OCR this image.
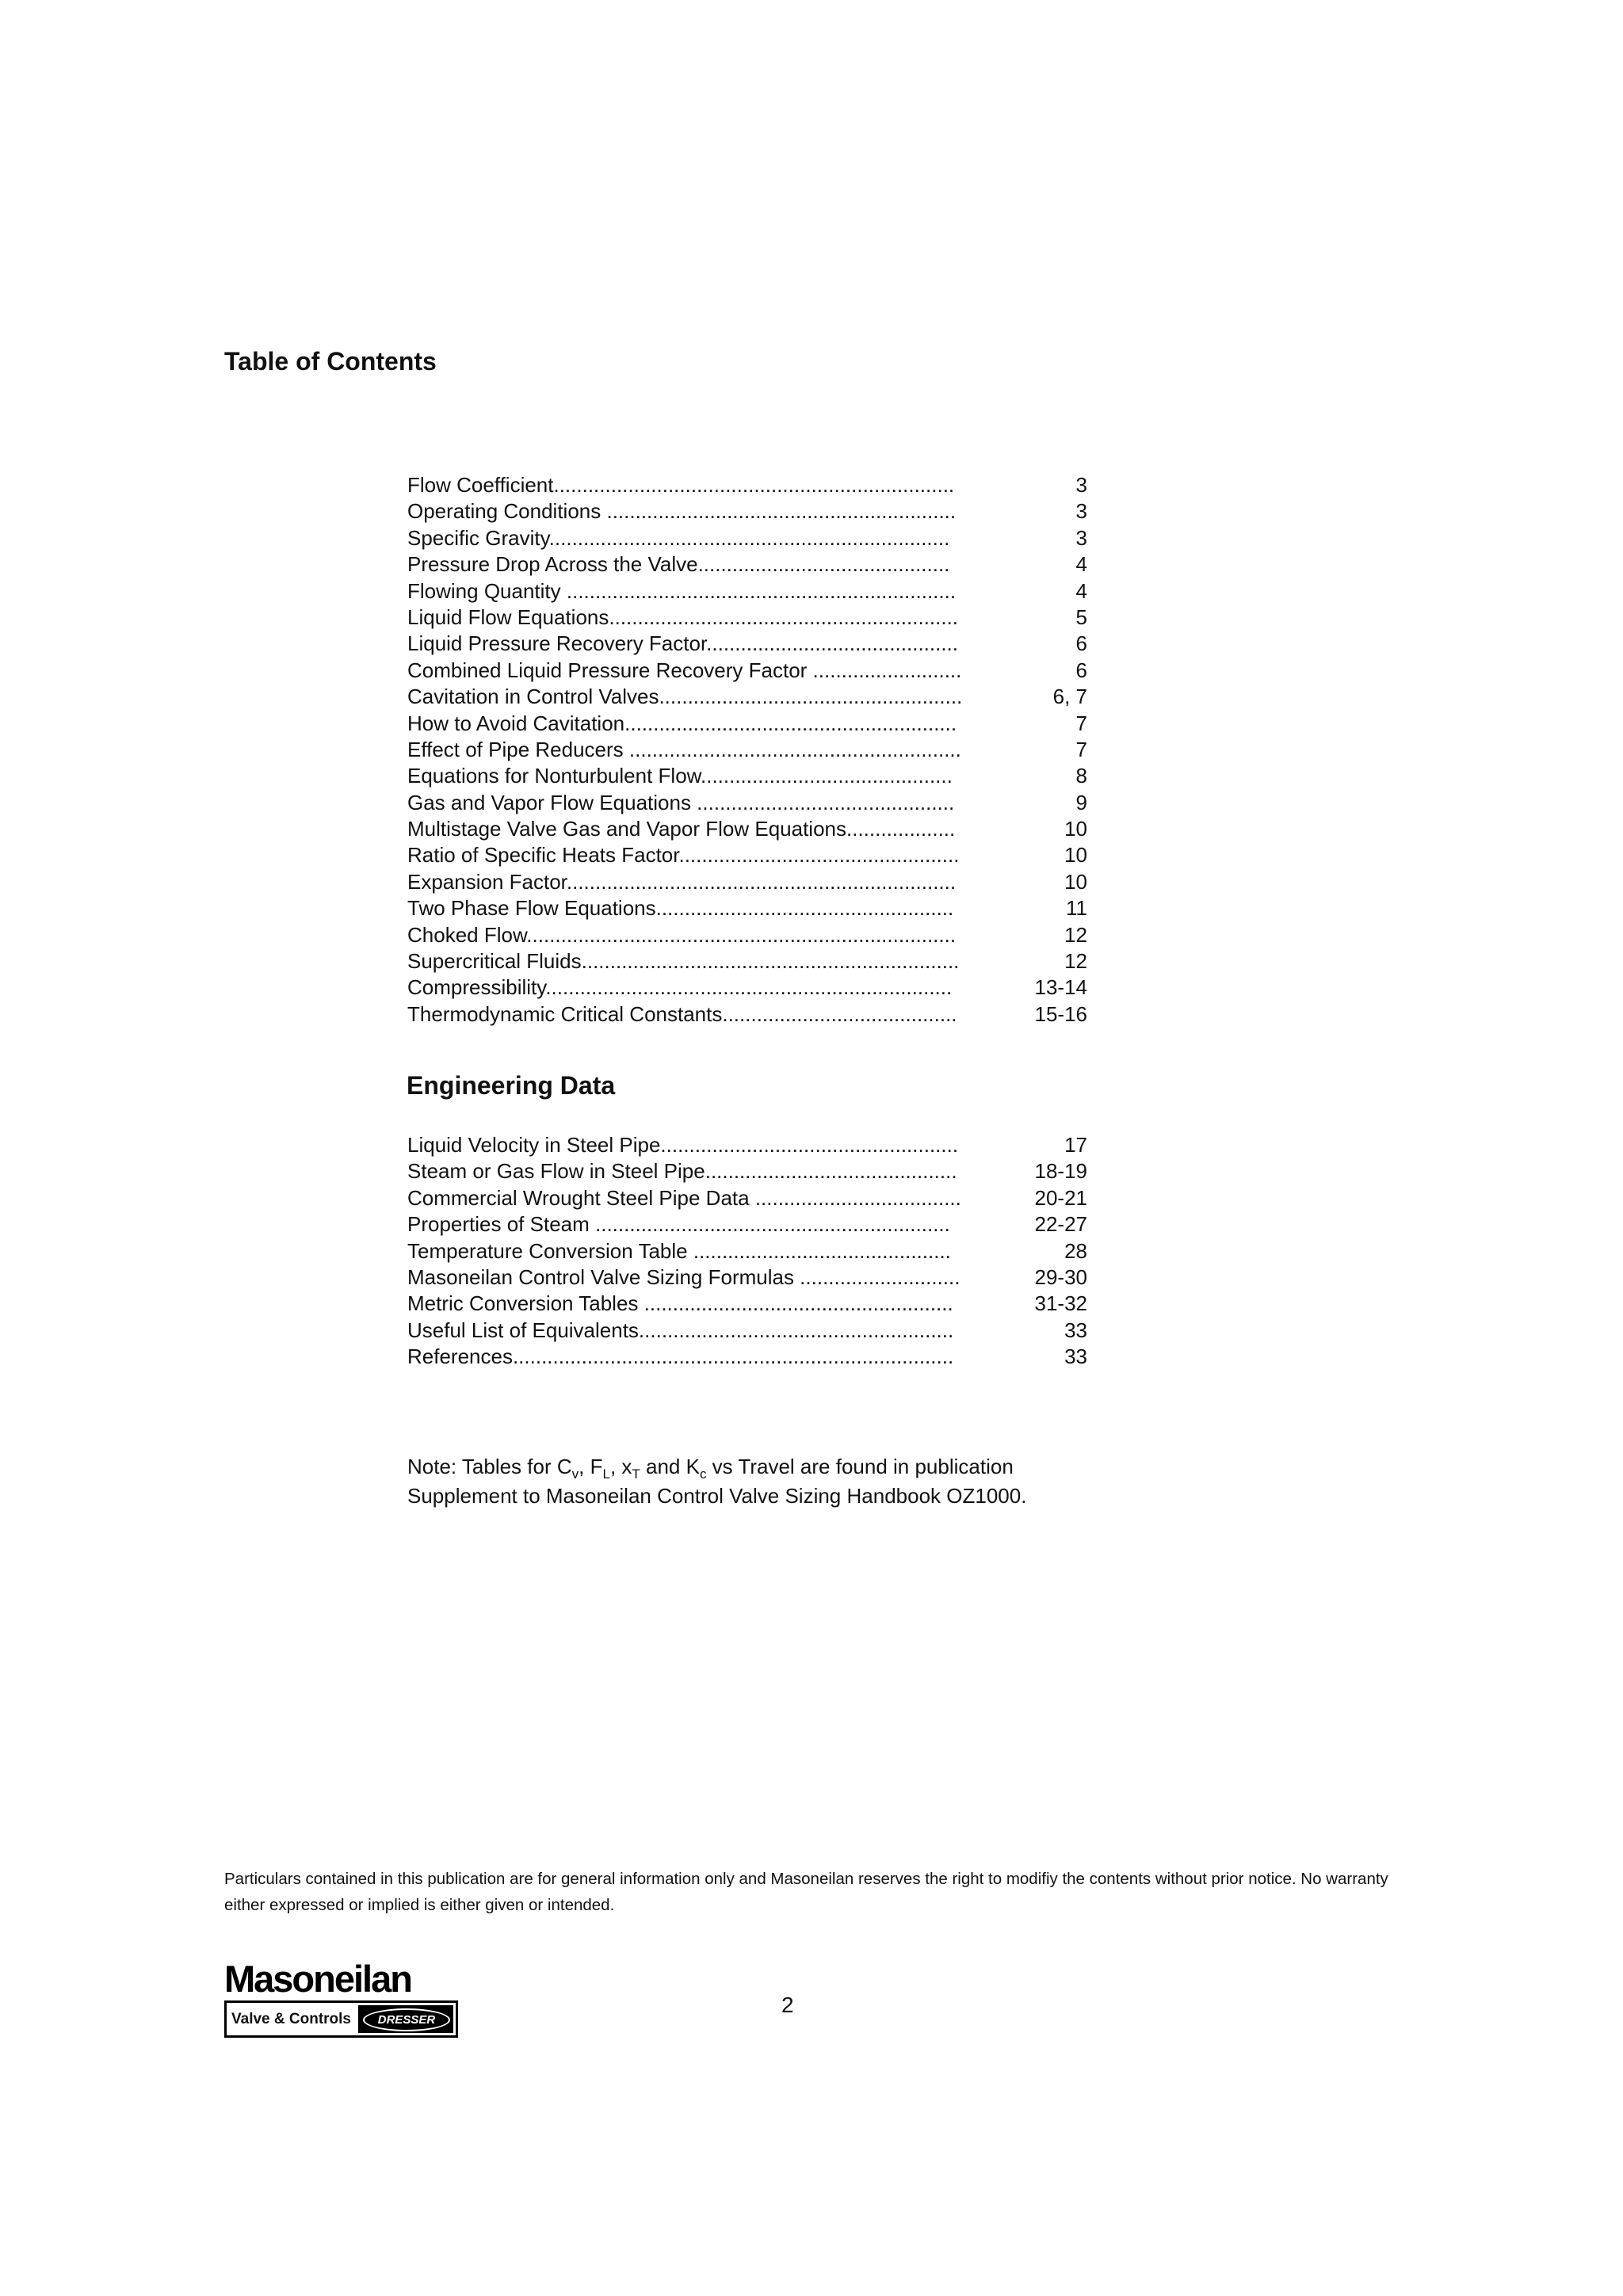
Table of Contents
Flow Coefficient......................................................................	3
Operating Conditions .............................................................	3
Specific Gravity......................................................................	3
Pressure Drop Across the Valve............................................	4
Flowing Quantity ....................................................................	4
Liquid Flow Equations.............................................................	5
Liquid Pressure Recovery Factor............................................	6
Combined Liquid Pressure Recovery Factor ..........................	6
Cavitation in Control Valves.....................................................	6, 7
How to Avoid Cavitation..........................................................	7
Effect of Pipe Reducers ..........................................................	7
Equations for Nonturbulent Flow............................................	8
Gas and Vapor Flow Equations .............................................	9
Multistage Valve Gas and Vapor Flow Equations...................	10
Ratio of Specific Heats Factor.................................................	10
Expansion Factor....................................................................	10
Two Phase Flow Equations....................................................	11
Choked Flow...........................................................................	12
Supercritical Fluids..................................................................	12
Compressibility.......................................................................	13-14
Thermodynamic Critical Constants.........................................	15-16
Engineering Data
Liquid Velocity in Steel Pipe....................................................	17
Steam or Gas Flow in Steel Pipe............................................	18-19
Commercial Wrought Steel Pipe Data ....................................	20-21
Properties of Steam ..............................................................	22-27
Temperature Conversion Table .............................................	28
Masoneilan Control Valve Sizing Formulas ............................	29-30
Metric Conversion Tables ......................................................	31-32
Useful List of Equivalents.......................................................	33
References.............................................................................	33

Note: Tables for $C_v$, $F_L$, $x_T$ and $K_c$ vs Travel are found in publication
Supplement to Masoneilan Control Valve Sizing Handbook OZ1000.

Particulars contained in this publication are for general information only and Masoneilan reserves the right to modifiy the contents without prior notice. No warranty either expressed or implied is either given or intended.

Masoneilan
Valve & Controls	DRESSER

2
